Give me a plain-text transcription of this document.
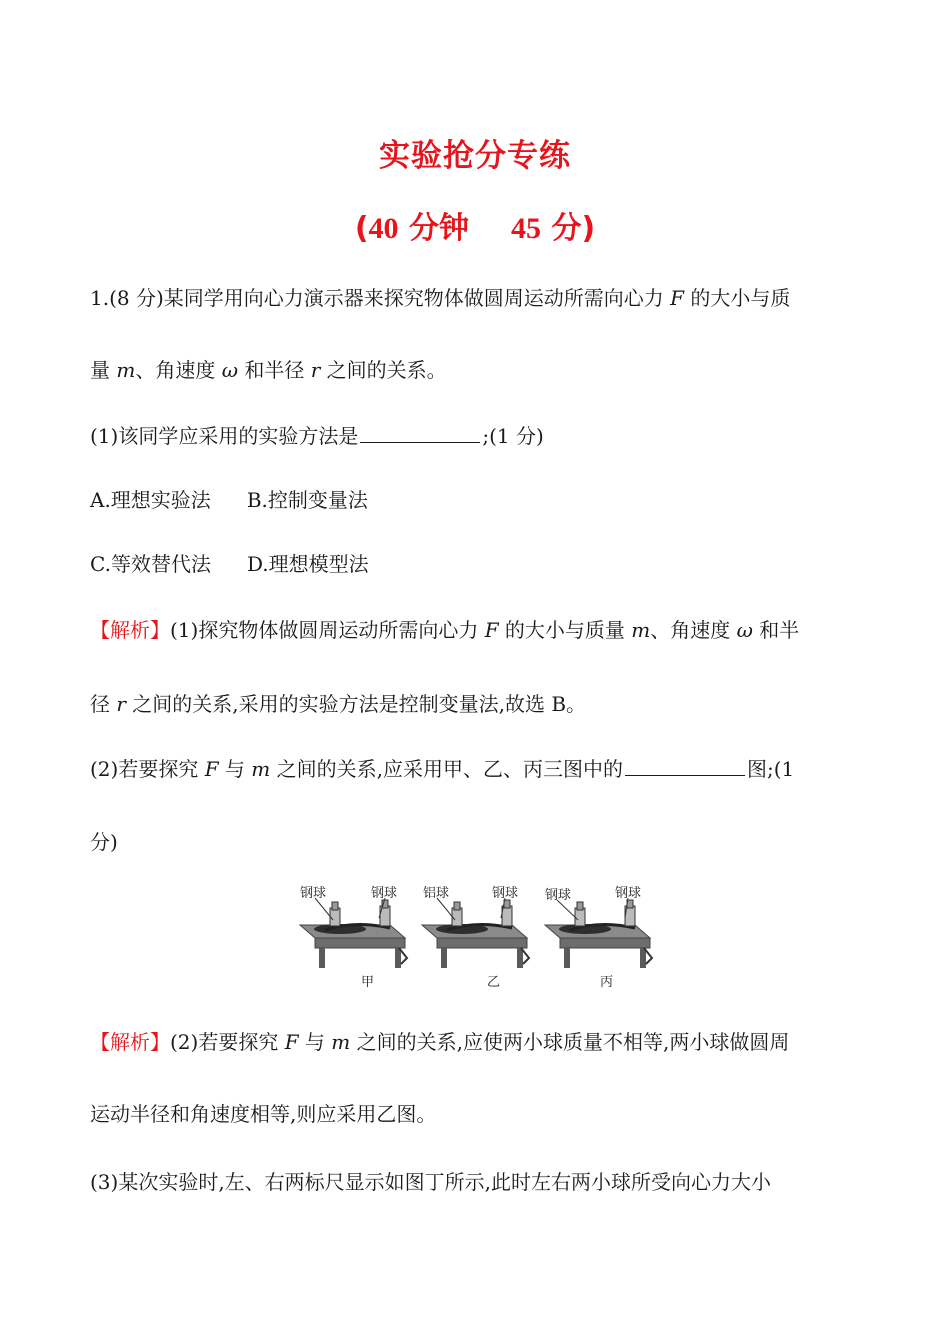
实验抢分专练
(40 分钟 45 分)
1.(8 分)某同学用向心力演示器来探究物体做圆周运动所需向心力 F 的大小与质
量 m、角速度 ω 和半径 r 之间的关系。
(1)该同学应采用的实验方法是	;(1 分)
A.理想实验法 B.控制变量法
C.等效替代法 D.理想模型法
【解析】(1)探究物体做圆周运动所需向心力 F 的大小与质量 m、角速度 ω 和半
径 r 之间的关系,采用的实验方法是控制变量法,故选 B。
(2)若要探究 F 与 m 之间的关系,应采用甲、乙、丙三图中的	图;(1
分)
钢球	钢球 铝球	钢球 钢球	钢球
甲	乙	丙
【解析】(2)若要探究 F 与 m 之间的关系,应使两小球质量不相等,两小球做圆周
运动半径和角速度相等,则应采用乙图。
(3)某次实验时,左、右两标尺显示如图丁所示,此时左右两小球所受向心力大小
